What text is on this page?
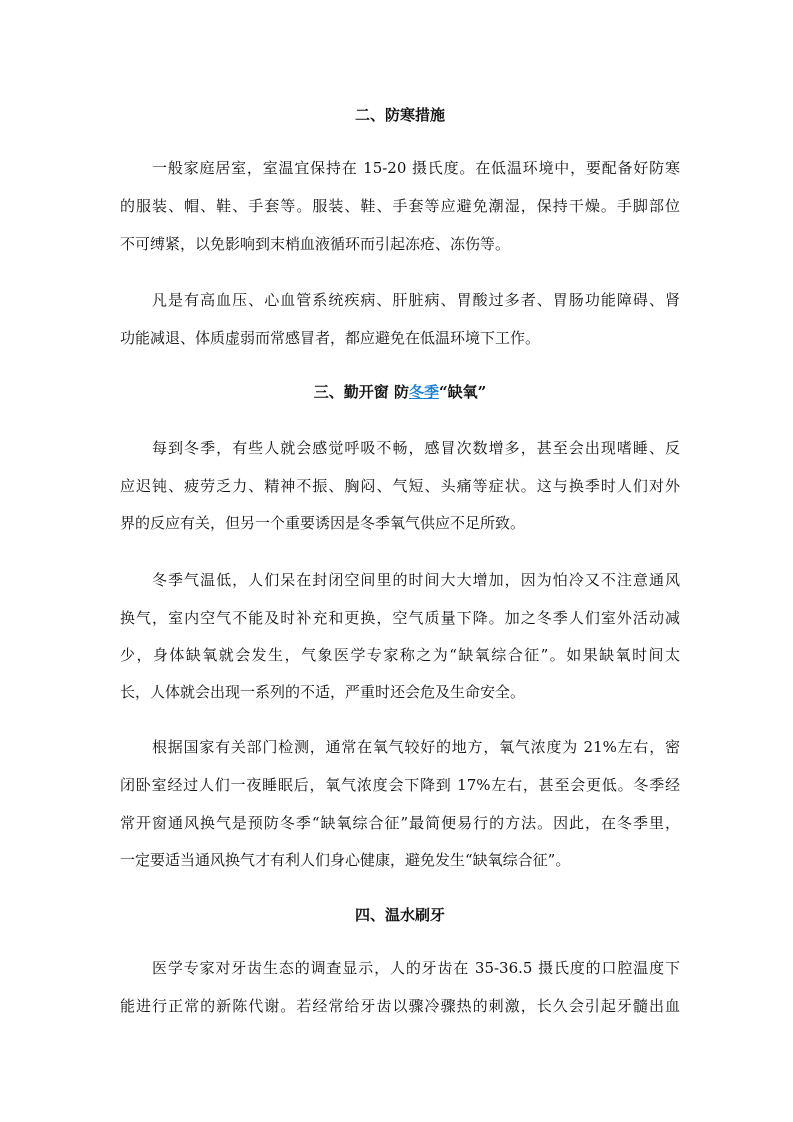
二、防寒措施
一般家庭居室，室温宜保持在 15-20 摄氏度。在低温环境中，要配备好防寒
的服装、帽、鞋、手套等。服装、鞋、手套等应避免潮湿，保持干燥。手脚部位
不可缚紧，以免影响到末梢血液循环而引起冻疮、冻伤等。
凡是有高血压、心血管系统疾病、肝脏病、胃酸过多者、胃肠功能障碍、肾
功能减退、体质虚弱而常感冒者，都应避免在低温环境下工作。
三、勤开窗 防冬季“缺氧”
每到冬季，有些人就会感觉呼吸不畅，感冒次数增多，甚至会出现嗜睡、反
应迟钝、疲劳乏力、精神不振、胸闷、气短、头痛等症状。这与换季时人们对外
界的反应有关，但另一个重要诱因是冬季氧气供应不足所致。
冬季气温低，人们呆在封闭空间里的时间大大增加，因为怕冷又不注意通风
换气，室内空气不能及时补充和更换，空气质量下降。加之冬季人们室外活动减
少，身体缺氧就会发生，气象医学专家称之为“缺氧综合征”。如果缺氧时间太
长，人体就会出现一系列的不适，严重时还会危及生命安全。
根据国家有关部门检测，通常在氧气较好的地方，氧气浓度为 21%左右，密
闭卧室经过人们一夜睡眠后，氧气浓度会下降到 17%左右，甚至会更低。冬季经
常开窗通风换气是预防冬季“缺氧综合征”最简便易行的方法。因此，在冬季里，
一定要适当通风换气才有利人们身心健康，避免发生“缺氧综合征”。
四、温水刷牙
医学专家对牙齿生态的调查显示，人的牙齿在 35-36.5 摄氏度的口腔温度下
能进行正常的新陈代谢。若经常给牙齿以骤冷骤热的刺激，长久会引起牙髓出血
